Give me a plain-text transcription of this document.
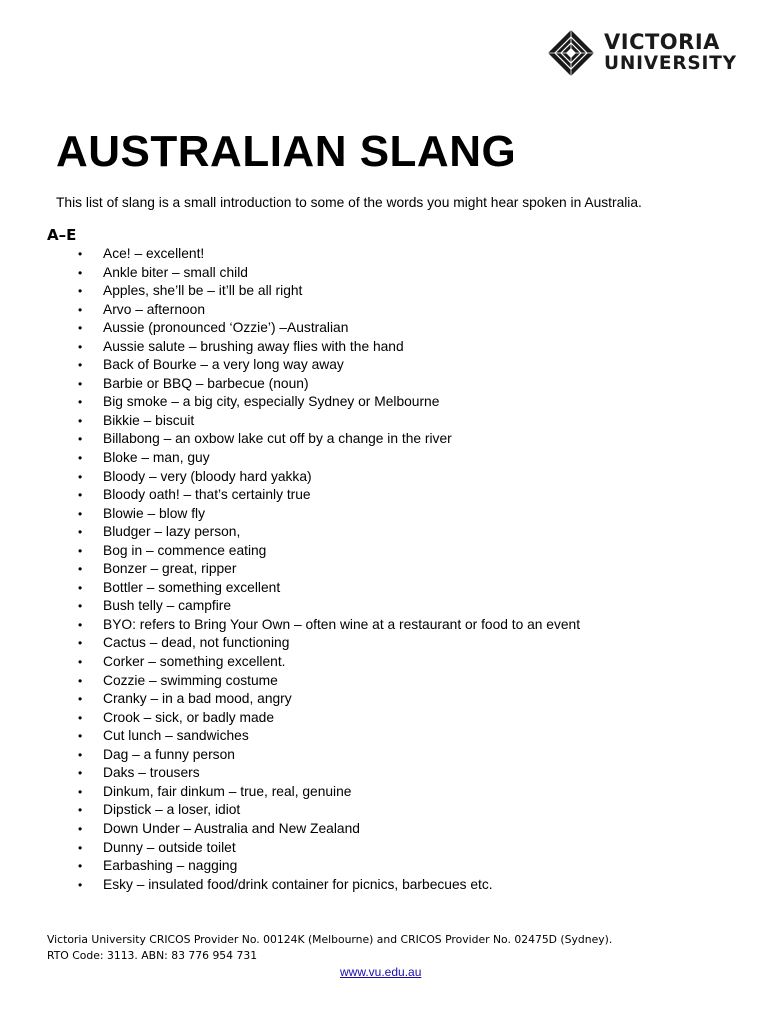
VICTORIA
UNIVERSITY
AUSTRALIAN SLANG

This list of slang is a small introduction to some of the words you might hear spoken in Australia.

A–E
•	Ace! – excellent!
•	Ankle biter – small child
•	Apples, she’ll be – it’ll be all right
•	Arvo – afternoon
•	Aussie (pronounced ‘Ozzie’) –Australian
•	Aussie salute – brushing away flies with the hand
•	Back of Bourke – a very long way away
•	Barbie or BBQ – barbecue (noun)
•	Big smoke – a big city, especially Sydney or Melbourne
•	Bikkie – biscuit
•	Billabong – an oxbow lake cut off by a change in the river
•	Bloke – man, guy
•	Bloody – very (bloody hard yakka)
•	Bloody oath! – that’s certainly true
•	Blowie – blow fly
•	Bludger – lazy person,
•	Bog in – commence eating
•	Bonzer – great, ripper
•	Bottler – something excellent
•	Bush telly – campfire
•	BYO: refers to Bring Your Own – often wine at a restaurant or food to an event
•	Cactus – dead, not functioning
•	Corker – something excellent.
•	Cozzie – swimming costume
•	Cranky – in a bad mood, angry
•	Crook – sick, or badly made
•	Cut lunch – sandwiches
•	Dag – a funny person
•	Daks – trousers
•	Dinkum, fair dinkum – true, real, genuine
•	Dipstick – a loser, idiot
•	Down Under – Australia and New Zealand
•	Dunny – outside toilet
•	Earbashing – nagging
•	Esky – insulated food/drink container for picnics, barbecues etc.

Victoria University CRICOS Provider No. 00124K (Melbourne) and CRICOS Provider No. 02475D (Sydney).

RTO Code: 3113. ABN: 83 776 954 731

www.vu.edu.au
